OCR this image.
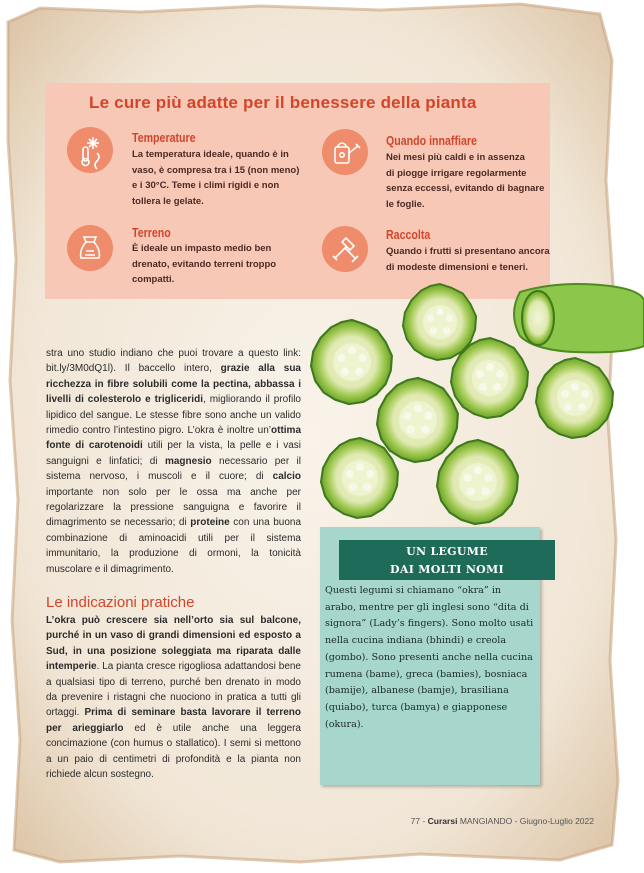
Le cure più adatte per il benessere della pianta
Temperature
La temperatura ideale, quando è in
vaso, è compresa tra i 15 (non meno)
e i 30°C. Teme i climi rigidi e non
tollera le gelate.
Quando innaffiare
Nei mesi più caldi e in assenza
di piogge irrigare regolarmente
senza eccessi, evitando di bagnare
le foglie.
Terreno
È ideale un impasto medio ben
drenato, evitando terreni troppo
compatti.
Raccolta
Quando i frutti si presentano ancora
di modeste dimensioni e teneri.
stra uno studio indiano che puoi trovare a questo link: bit.ly/3M0dQ1l). Il baccello intero, grazie alla sua ricchezza in fibre solubili come la pectina, abbassa i livelli di colesterolo e trigliceridi, migliorando il profilo lipidico del sangue. Le stesse fibre sono anche un valido rimedio contro l’intestino pigro. L’okra è inoltre un’ottima fonte di carotenoidi utili per la vista, la pelle e i vasi sanguigni e linfatici; di magnesio necessario per il sistema nervoso, i muscoli e il cuore; di calcio importante non solo per le ossa ma anche per regolarizzare la pressione sanguigna e favorire il dimagrimento se necessario; di proteine con una buona combinazione di aminoacidi utili per il sistema immunitario, la produzione di ormoni, la tonicità muscolare e il dimagrimento.
Le indicazioni pratiche
L’okra può crescere sia nell’orto sia sul balcone, purché in un vaso di grandi dimensioni ed esposto a Sud, in una posizione soleggiata ma riparata dalle intemperie. La pianta cresce rigogliosa adattandosi bene a qualsiasi tipo di terreno, purché ben drenato in modo da prevenire i ristagni che nuociono in pratica a tutti gli ortaggi. Prima di seminare basta lavorare il terreno per arieggiarlo ed è utile anche una leggera concimazione (con humus o stallatico). I semi si mettono a un paio di centimetri di profondità e la pianta non richiede alcun sostegno.
UN LEGUME
DAI MOLTI NOMI
Questi legumi si chiamano “okra” in arabo, mentre per gli inglesi sono “dita di signora” (Lady’s fingers). Sono molto usati nella cucina indiana (bhindi) e creola (gombo). Sono presenti anche nella cucina rumena (bame), greca (bamies), bosniaca (bamije), albanese (bamje), brasiliana (quiabo), turca (bamya) e giapponese (okura).
77 - Curarsi MANGIANDO - Giugno-Luglio 2022
